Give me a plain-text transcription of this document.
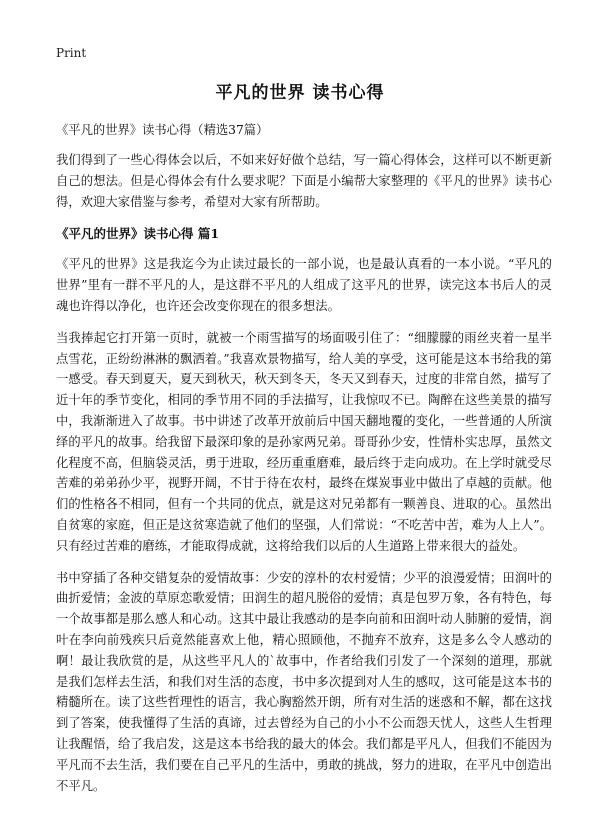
Print
平凡的世界 读书心得

《平凡的世界》读书心得（精选37篇）

我们得到了一些心得体会以后，不如来好好做个总结，写一篇心得体会，这样可以不断更新自己的想法。但是心得体会有什么要求呢？下面是小编帮大家整理的《平凡的世界》读书心得，欢迎大家借鉴与参考，希望对大家有所帮助。

《平凡的世界》读书心得 篇1

《平凡的世界》这是我迄今为止读过最长的一部小说，也是最认真看的一本小说。“平凡的世界”里有一群不平凡的人，是这群不平凡的人组成了这平凡的世界，读完这本书后人的灵魂也许得以净化，也许还会改变你现在的很多想法。

当我捧起它打开第一页时，就被一个雨雪描写的场面吸引住了：“细朦朦的雨丝夹着一星半点雪花，正纷纷淋淋的飘洒着。”我喜欢景物描写，给人美的享受，这可能是这本书给我的第一感受。春天到夏天，夏天到秋天，秋天到冬天，冬天又到春天，过度的非常自然，描写了近十年的季节变化，相同的季节用不同的手法描写，让我惊叹不已。陶醉在这些美景的描写中，我渐渐进入了故事。书中讲述了改革开放前后中国天翻地覆的变化，一些普通的人所演绎的平凡的故事。给我留下最深印象的是孙家两兄弟。哥哥孙少安，性情朴实忠厚，虽然文化程度不高，但脑袋灵活，勇于进取，经历重重磨难，最后终于走向成功。在上学时就受尽苦难的弟弟孙少平，视野开阔，不甘于待在农村，最终在煤炭事业中做出了卓越的贡献。他们的性格各不相同，但有一个共同的优点，就是这对兄弟都有一颗善良、进取的心。虽然出自贫寒的家庭，但正是这贫寒造就了他们的坚强，人们常说：“不吃苦中苦，难为人上人”。只有经过苦难的磨练，才能取得成就，这将给我们以后的人生道路上带来很大的益处。

书中穿插了各种交错复杂的爱情故事：少安的淳朴的农村爱情；少平的浪漫爱情；田润叶的曲折爱情；金波的草原恋歌爱情；田润生的超凡脱俗的爱情；真是包罗万象，各有特色，每一个故事都是那么感人和心动。这其中最让我感动的是李向前和田润叶动人肺腑的爱情，润叶在李向前残疾只后竟然能喜欢上他，精心照顾他，不抛弃不放弃，这是多么令人感动的啊！最让我欣赏的是，从这些平凡人的`故事中，作者给我们引发了一个深刻的道理，那就是我们怎样去生活，和我们对生活的态度，书中多次提到对人生的感叹，这可能是这本书的精髓所在。读了这些哲理性的语言，我心胸豁然开朗，所有对生活的迷惑和不解，都在这找到了答案，使我懂得了生活的真谛，过去曾经为自己的小小不公而怨天忧人，这些人生哲理让我醒悟，给了我启发，这是这本书给我的最大的体会。我们都是平凡人，但我们不能因为平凡而不去生活，我们要在自己平凡的生活中，勇敢的挑战，努力的进取，在平凡中创造出不平凡。
